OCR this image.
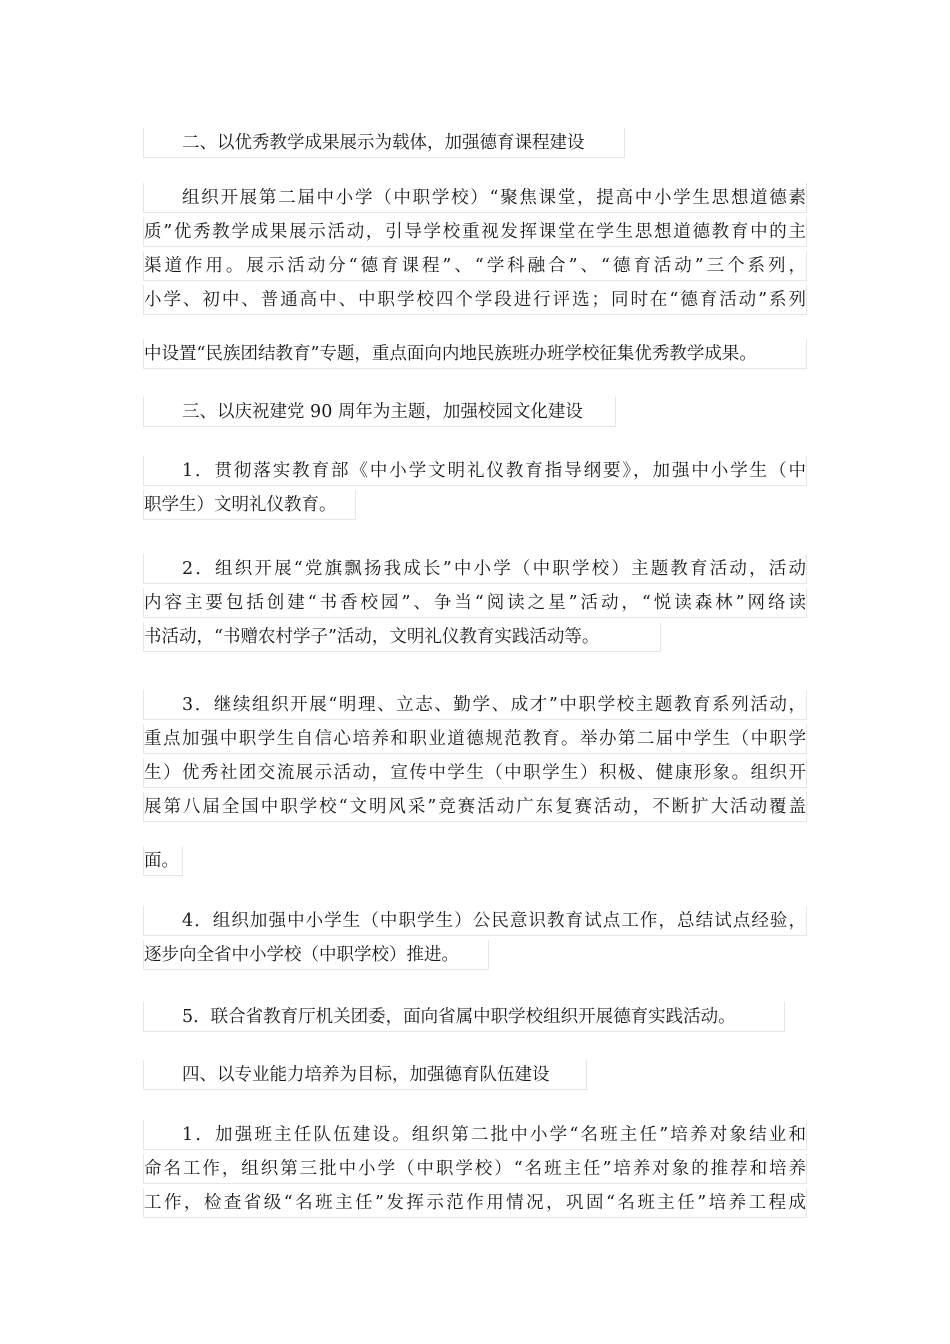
二、以优秀教学成果展示为载体，加强德育课程建设
组织开展第二届中小学（中职学校）“聚焦课堂，提高中小学生思想道德素
质”优秀教学成果展示活动，引导学校重视发挥课堂在学生思想道德教育中的主
渠道作用。展示活动分“德育课程”、“学科融合”、“德育活动”三个系列，
小学、初中、普通高中、中职学校四个学段进行评选；同时在“德育活动”系列
中设置“民族团结教育”专题，重点面向内地民族班办班学校征集优秀教学成果。
三、以庆祝建党 90 周年为主题，加强校园文化建设
1．贯彻落实教育部《中小学文明礼仪教育指导纲要》，加强中小学生（中
职学生）文明礼仪教育。
2．组织开展“党旗飘扬我成长”中小学（中职学校）主题教育活动，活动
内容主要包括创建“书香校园”、争当“阅读之星”活动，“悦读森林”网络读
书活动，“书赠农村学子”活动，文明礼仪教育实践活动等。
3．继续组织开展“明理、立志、勤学、成才”中职学校主题教育系列活动，
重点加强中职学生自信心培养和职业道德规范教育。举办第二届中学生（中职学
生）优秀社团交流展示活动，宣传中学生（中职学生）积极、健康形象。组织开
展第八届全国中职学校“文明风采”竞赛活动广东复赛活动，不断扩大活动覆盖
面。
4．组织加强中小学生（中职学生）公民意识教育试点工作，总结试点经验，
逐步向全省中小学校（中职学校）推进。
5．联合省教育厅机关团委，面向省属中职学校组织开展德育实践活动。
四、以专业能力培养为目标，加强德育队伍建设
1．加强班主任队伍建设。组织第二批中小学“名班主任”培养对象结业和
命名工作，组织第三批中小学（中职学校）“名班主任”培养对象的推荐和培养
工作，检查省级“名班主任”发挥示范作用情况，巩固“名班主任”培养工程成
